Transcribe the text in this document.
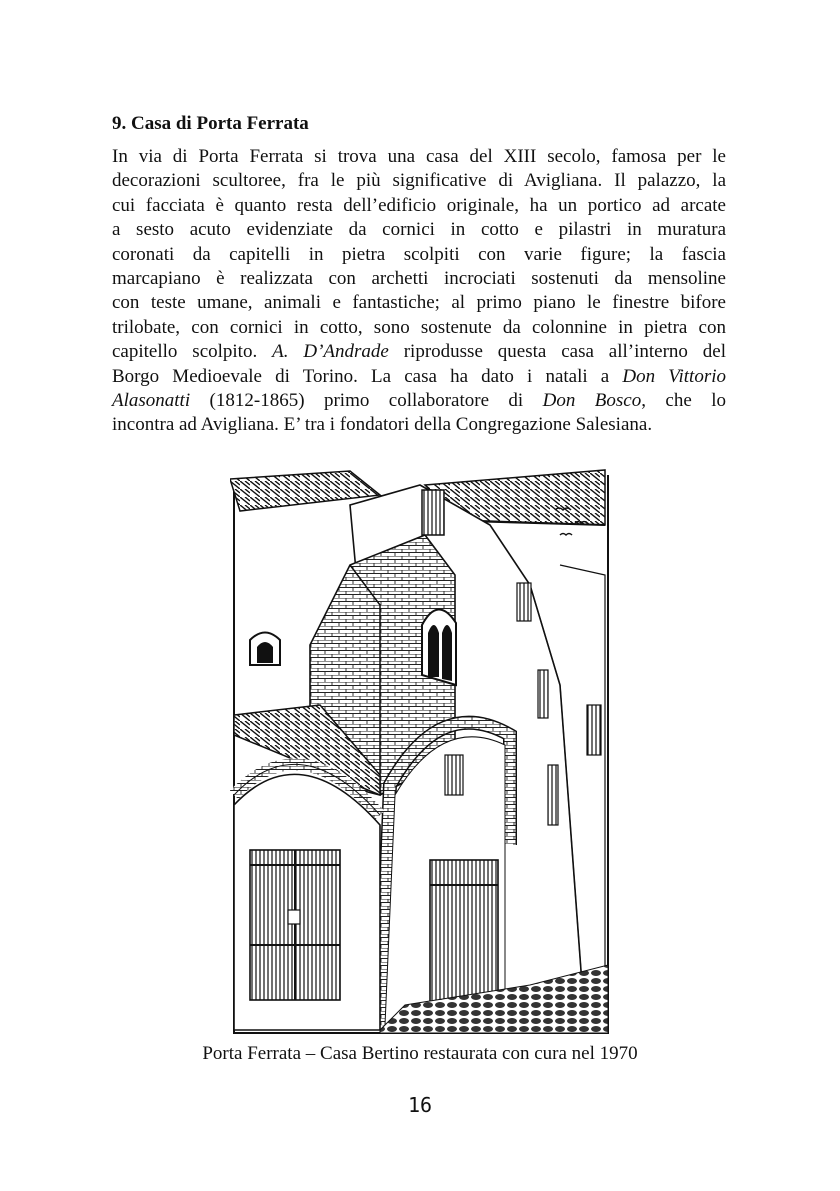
9. Casa di Porta Ferrata

In via di Porta Ferrata si trova una casa del XIII secolo, famosa per le
decorazioni scultoree, fra le più significative di Avigliana. Il palazzo, la
cui facciata è quanto resta dell’edificio originale, ha un portico ad arcate
a sesto acuto evidenziate da cornici in cotto e pilastri in muratura
coronati da capitelli in pietra scolpiti con varie figure; la fascia
marcapiano è realizzata con archetti incrociati sostenuti da mensoline
con teste umane, animali e fantastiche; al primo piano le finestre bifore
trilobate, con cornici in cotto, sono sostenute da colonnine in pietra con
capitello scolpito. A. D’Andrade riprodusse questa casa all’interno del
Borgo Medioevale di Torino. La casa ha dato i natali a Don Vittorio
Alasonatti (1812-1865) primo collaboratore di Don Bosco, che lo
incontra ad Avigliana. E’ tra i fondatori della Congregazione Salesiana.

Porta Ferrata – Casa Bertino restaurata con cura nel 1970

16
